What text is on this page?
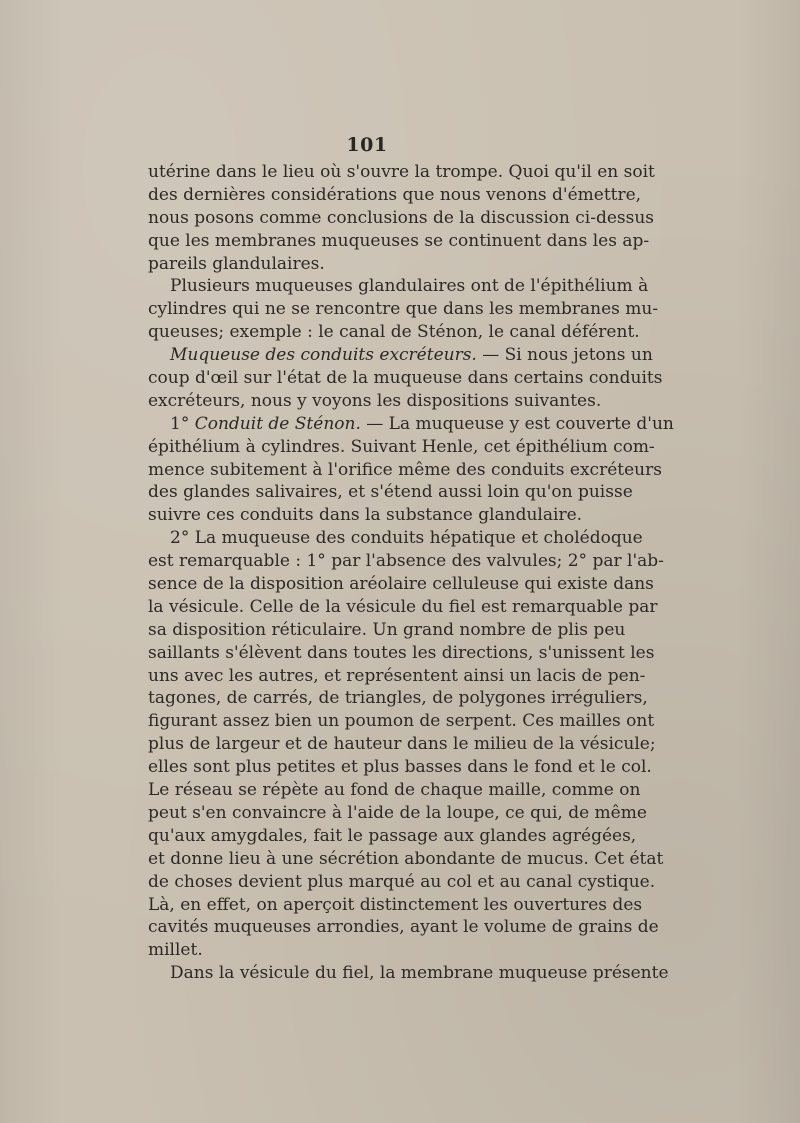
101
utérine dans le lieu où s'ouvre la trompe. Quoi qu'il en soit
des dernières considérations que nous venons d'émettre,
nous posons comme conclusions de la discussion ci-dessus
que les membranes muqueuses se continuent dans les ap-
pareils glandulaires.
Plusieurs muqueuses glandulaires ont de l'épithélium à
cylindres qui ne se rencontre que dans les membranes mu-
queuses; exemple : le canal de Sténon, le canal déférent.
Muqueuse des conduits excréteurs. — Si nous jetons un
coup d'œil sur l'état de la muqueuse dans certains conduits
excréteurs, nous y voyons les dispositions suivantes.
1° Conduit de Sténon. — La muqueuse y est couverte d'un
épithélium à cylindres. Suivant Henle, cet épithélium com-
mence subitement à l'orifice même des conduits excréteurs
des glandes salivaires, et s'étend aussi loin qu'on puisse
suivre ces conduits dans la substance glandulaire.
2° La muqueuse des conduits hépatique et cholédoque
est remarquable : 1° par l'absence des valvules; 2° par l'ab-
sence de la disposition aréolaire celluleuse qui existe dans
la vésicule. Celle de la vésicule du fiel est remarquable par
sa disposition réticulaire. Un grand nombre de plis peu
saillants s'élèvent dans toutes les directions, s'unissent les
uns avec les autres, et représentent ainsi un lacis de pen-
tagones, de carrés, de triangles, de polygones irréguliers,
figurant assez bien un poumon de serpent. Ces mailles ont
plus de largeur et de hauteur dans le milieu de la vésicule;
elles sont plus petites et plus basses dans le fond et le col.
Le réseau se répète au fond de chaque maille, comme on
peut s'en convaincre à l'aide de la loupe, ce qui, de même
qu'aux amygdales, fait le passage aux glandes agrégées,
et donne lieu à une sécrétion abondante de mucus. Cet état
de choses devient plus marqué au col et au canal cystique.
Là, en effet, on aperçoit distinctement les ouvertures des
cavités muqueuses arrondies, ayant le volume de grains de
millet.
Dans la vésicule du fiel, la membrane muqueuse présente
